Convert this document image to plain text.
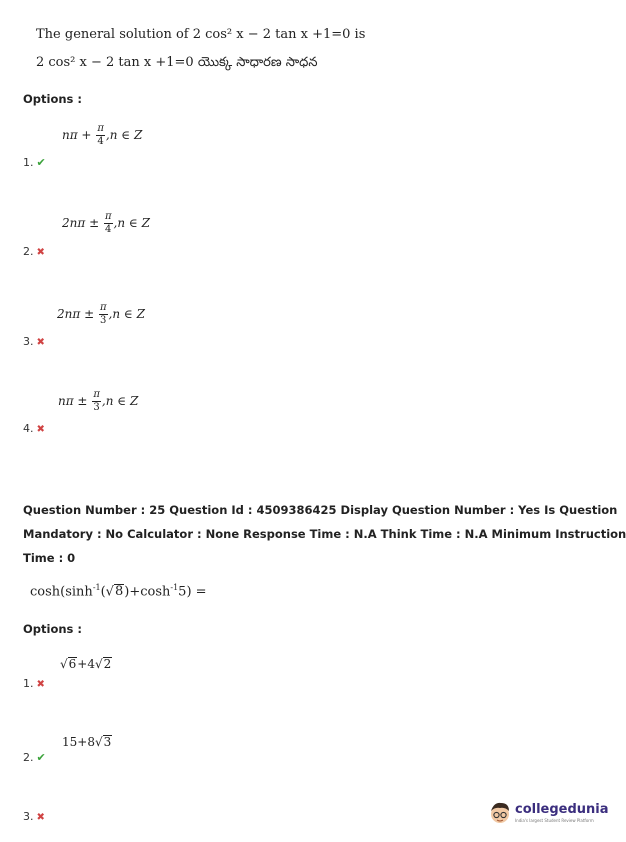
The general solution of 2 cos² x − 2 tan x +1=0 is
2 cos² x − 2 tan x +1=0 యొక్క సాధారణ సాధన
Options :
$n\pi + \frac{\pi}{4} ,n$ ∈ Z
1. ✔
$2n\pi \pm \frac{\pi}{4} ,n$ ∈ Z
2. ✖
$2n\pi \pm \frac{\pi}{3} ,n$ ∈ Z
3. ✖
$n\pi \pm \frac{\pi}{3} ,n$ ∈ Z
4. ✖
Question Number : 25 Question Id : 4509386425 Display Question Number : Yes Is Question
Mandatory : No Calculator : None Response Time : N.A Think Time : N.A Minimum Instruction
Time : 0
$\cosh(\sinh^{-1}(√8)+\cosh^{-1}5)$ =
Options :
√6+4√2
1. ✖
15+8√3
2. ✔
3. ✖
collegedunia
India's largest Student Review Platform
